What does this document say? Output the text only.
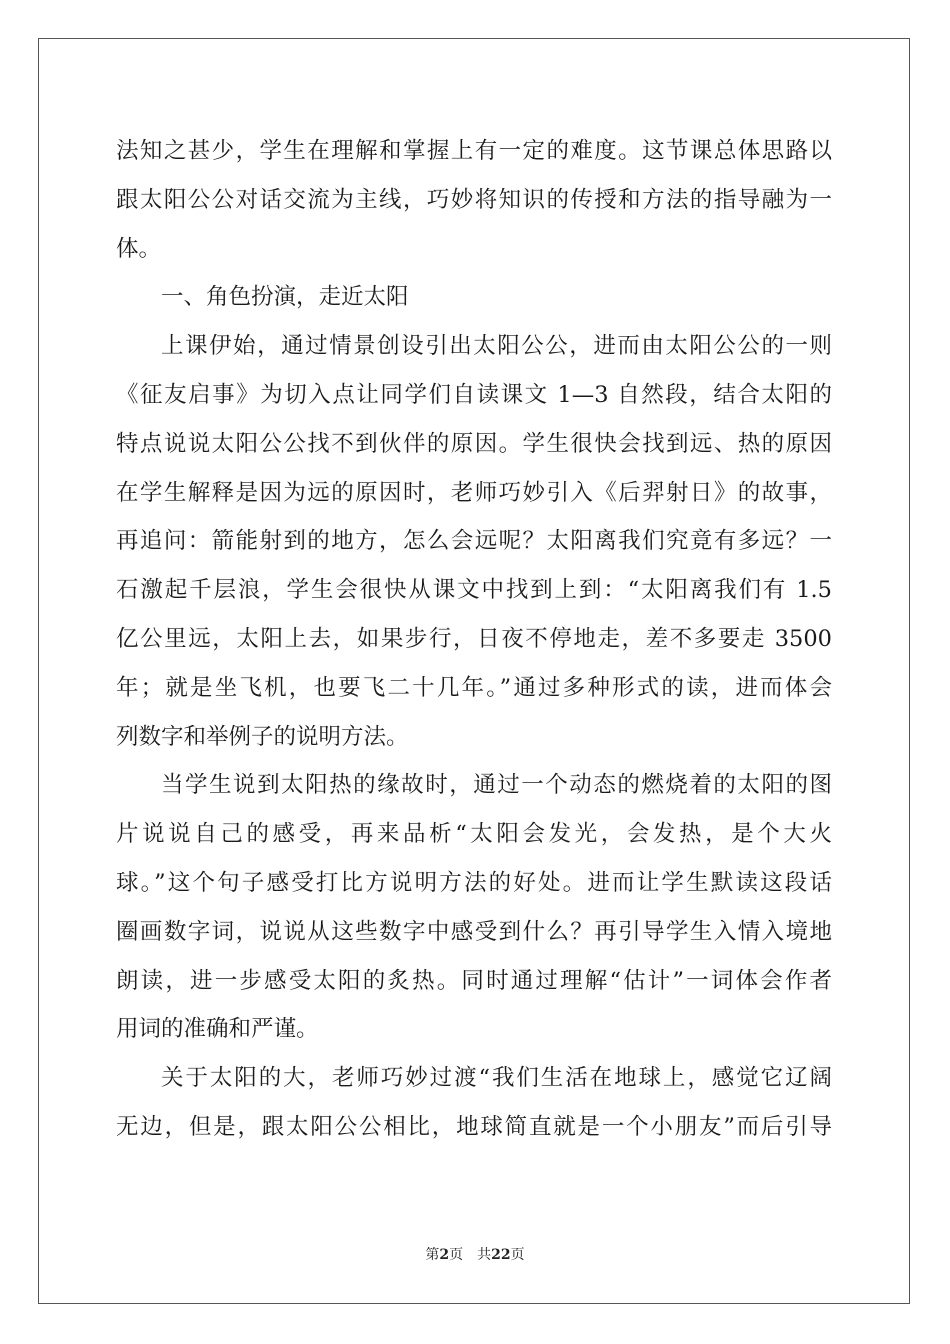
法知之甚少，学生在理解和掌握上有一定的难度。这节课总体思路以
跟太阳公公对话交流为主线，巧妙将知识的传授和方法的指导融为一
体。
一、角色扮演，走近太阳
上课伊始，通过情景创设引出太阳公公，进而由太阳公公的一则
《征友启事》为切入点让同学们自读课文 1—3 自然段，结合太阳的
特点说说太阳公公找不到伙伴的原因。学生很快会找到远、热的原因
在学生解释是因为远的原因时，老师巧妙引入《后羿射日》的故事，
再追问：箭能射到的地方，怎么会远呢？太阳离我们究竟有多远？一
石激起千层浪，学生会很快从课文中找到上到：“太阳离我们有 1.5
亿公里远，太阳上去，如果步行，日夜不停地走，差不多要走 3500
年；就是坐飞机，也要飞二十几年。”通过多种形式的读，进而体会
列数字和举例子的说明方法。
当学生说到太阳热的缘故时，通过一个动态的燃烧着的太阳的图
片说说自己的感受，再来品析“太阳会发光，会发热，是个大火
球。”这个句子感受打比方说明方法的好处。进而让学生默读这段话
圈画数字词，说说从这些数字中感受到什么？再引导学生入情入境地
朗读，进一步感受太阳的炙热。同时通过理解“估计”一词体会作者
用词的准确和严谨。
关于太阳的大，老师巧妙过渡“我们生活在地球上，感觉它辽阔
无边，但是，跟太阳公公相比，地球简直就是一个小朋友”而后引导
第2页 共22页
